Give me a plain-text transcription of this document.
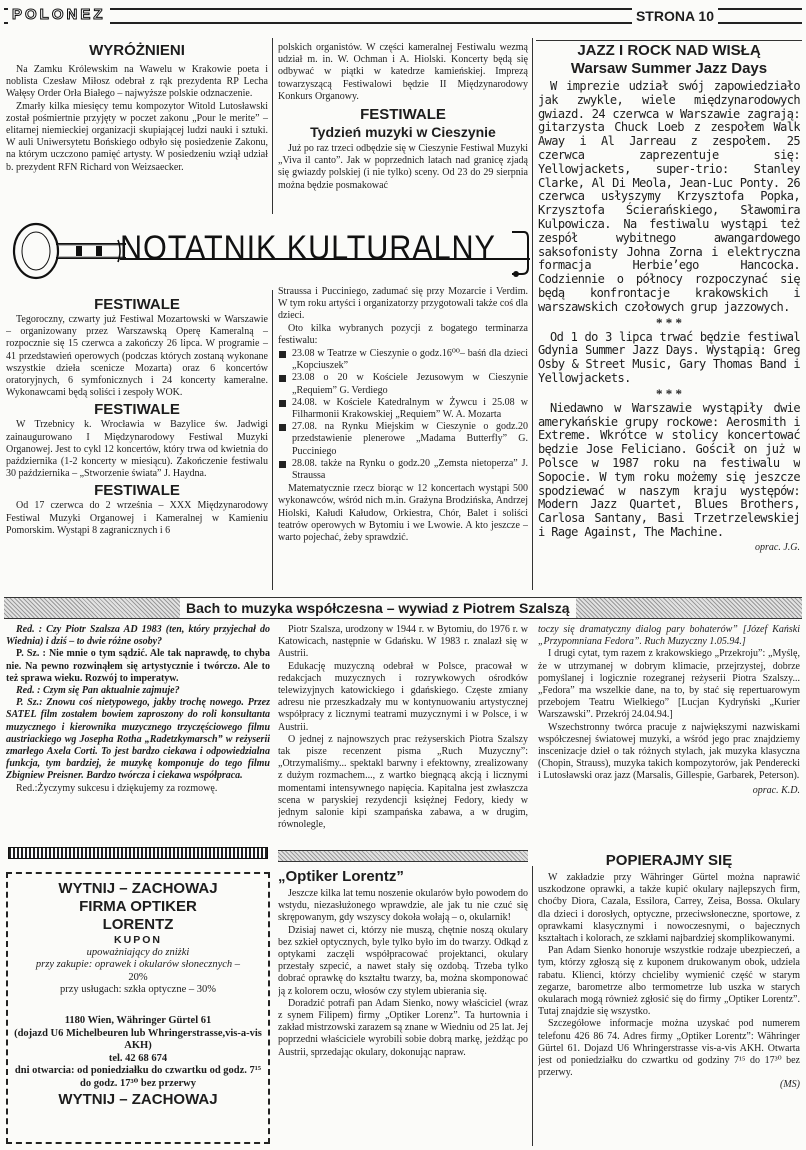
POLONEZ	STRONA 10
WYRÓŻNIENI
Na Zamku Królewskim na Wawelu w Krakowie poeta i noblista Czesław Miłosz odebrał z rąk prezydenta RP Lecha Wałęsy Order Orła Białego – najwyższe polskie odznaczenie.
Zmarły kilka miesięcy temu kompozytor Witold Lutosławski został pośmiertnie przyjęty w poczet zakonu „Pour le merite” – elitarnej niemieckiej organizacji skupiającej ludzi nauki i sztuki. W auli Uniwersytetu Bońskiego odbyło się posiedzenie Zakonu, na którym uczczono pamięć artysty. W posiedzeniu wziął udział b. prezydent RFN Richard von Weizsaecker.
polskich organistów. W części kameralnej Festiwalu wezmą udział m. in. W. Ochman i A. Hiolski. Koncerty będą się odbywać w piątki w katedrze kamieńskiej. Imprezą towarzyszącą Festiwalowi będzie II Międzynarodowy Konkurs Organowy.
FESTIWALE
Tydzień muzyki w Cieszynie
Już po raz trzeci odbędzie się w Cieszynie Festiwal Muzyki „Viva il canto”. Jak w poprzednich latach nad granicę zjadą się gwiazdy polskiej (i nie tylko) sceny. Od 23 do 29 sierpnia można będzie posmakować
NOTATNIK KULTURALNY
FESTIWALE
Tegoroczny, czwarty już Festiwal Mozartowski w Warszawie – organizowany przez Warszawską Operę Kameralną – rozpocznie się 15 czerwca a zakończy 26 lipca. W programie – 41 przedstawień operowych (podczas których zostaną wykonane wszystkie dzieła scenicze Mozarta) oraz 6 koncertów oratoryjnych, 6 symfonicznych i 24 koncerty kameralne. Wykonawcami będą soliści i zespoły WOK.
FESTIWALE
W Trzebnicy k. Wrocławia w Bazylice św. Jadwigi zainaugurowano I Międzynarodowy Festiwal Muzyki Organowej. Jest to cykl 12 koncertów, który trwa od kwietnia do października (1-2 koncerty w miesiącu). Zakończenie festiwalu 30 października – „Stworzenie świata” J. Haydna.
FESTIWALE
Od 17 czerwca do 2 września – XXX Międzynarodowy Festiwal Muzyki Organowej i Kameralnej w Kamieniu Pomorskim. Wystąpi 8 zagranicznych i 6
Straussa i Pucciniego, zadumać się przy Mozarcie i Verdim. W tym roku artyści i organizatorzy przygotowali także coś dla dzieci.
Oto kilka wybranych pozycji z bogatego terminarza festiwalu:
23.08 w Teatrze w Cieszynie o godz.16⁰⁰– baśń dla dzieci „Kopciuszek”
23.08 o 20 w Kościele Jezusowym w Cieszynie „Requiem” G. Verdiego
24.08. w Kościele Katedralnym w Żywcu i 25.08 w Filharmonii Krakowskiej „Requiem” W. A. Mozarta
27.08. na Rynku Miejskim w Cieszynie o godz.20 przedstawienie plenerowe „Madama Butterfly” G. Pucciniego
28.08. także na Rynku o godz.20 „Zemsta nietoperza” J. Straussa
Matematycznie rzecz biorąc w 12 koncertach wystąpi 500 wykonawców, wśród nich m.in. Grażyna Brodzińska, Andrzej Hiolski, Kałudi Kałudow, Orkiestra, Chór, Balet i soliści teatrów operowych w Bytomiu i we Lwowie. A kto jeszcze – warto pojechać, żeby sprawdzić.
JAZZ I ROCK NAD WISŁĄ
Warsaw Summer Jazz Days
W imprezie udział swój zapowiedziało jak zwykle, wiele międzynarodowych gwiazd. 24 czerwca w Warszawie zagrają: gitarzysta Chuck Loeb z zespołem Walk Away i Al Jarreau z zespołem. 25 czerwca zaprezentuje się: Yellowjackets, super-trio: Stanley Clarke, Al Di Meola, Jean-Luc Ponty. 26 czerwca usłyszymy Krzysztofa Popka, Krzysztofa Ścierańskiego, Sławomira Kulpowicza. Na festiwalu wystąpi też zespół wybitnego awangardowego saksofonisty Johna Zorna i elektryczna formacja Herbie’ego Hancocka. Codziennie o północy rozpoczynać się będą konfrontacje krakowskich i warszawskich czołowych grup jazzowych.
* * *
Od 1 do 3 lipca trwać będzie festiwal Gdynia Summer Jazz Days. Wystąpią: Greg Osby & Street Music, Gary Thomas Band i Yellowjackets.
* * *
Niedawno w Warszawie wystąpiły dwie amerykańskie grupy rockowe: Aerosmith i Extreme. Wkrótce w stolicy koncertować będzie Jose Feliciano. Gościł on już w Polsce w 1987 roku na festiwalu w Sopocie. W tym roku możemy się jeszcze spodziewać w naszym kraju występów: Modern Jazz Quartet, Blues Brothers, Carlosa Santany, Basi Trzetrzelewskiej i Rage Against, The Machine.
oprac. J.G.
Bach to muzyka współczesna – wywiad z Piotrem Szalszą
Red. : Czy Piotr Szalsza AD 1983 (ten, który przyjechał do Wiednia) i dziś – to dwie różne osoby?
P. Sz. : Nie mnie o tym sądzić. Ale tak naprawdę, to chyba nie. Na pewno rozwinąłem się artystycznie i twórczo. Ale to też sprawa wieku. Rozwój to imperatyw.
Red. : Czym się Pan aktualnie zajmuje?
P. Sz.: Znowu coś nietypowego, jakby trochę nowego. Przez SATEL film zostałem bowiem zaproszony do roli konsultanta muzycznego i kierownika muzycznego trzyczęściowego filmu austriackiego wg Josepha Rotha „Radetzkymarsch” w reżyserii zmarłego Axela Corti. To jest bardzo ciekawa i odpowiedzialna funkcja, tym bardziej, że muzykę komponuje do tego filmu Zbigniew Preisner. Bardzo twórcza i ciekawa współpraca.
Red.:Życzymy sukcesu i dziękujemy za rozmowę.
Piotr Szalsza, urodzony w 1944 r. w Bytomiu, do 1976 r. w Katowicach, następnie w Gdańsku. W 1983 r. znalazł się w Austrii.
Edukację muzyczną odebrał w Polsce, pracował w redakcjach muzycznych i rozrywkowych ośrodków telewizyjnych katowickiego i gdańskiego. Częste zmiany adresu nie przeszkadzały mu w kontynuowaniu artystycznej współpracy z licznymi teatrami muzycznymi i w Polsce, i w Austrii.
O jednej z najnowszych prac reżyserskich Piotra Szalszy tak pisze recenzent pisma „Ruch Muzyczny”: „Otrzymaliśmy... spektakl barwny i efektowny, zrealizowany z dużym rozmachem..., z wartko biegnącą akcją i licznymi momentami intensywnego napięcia. Kapitalna jest zwłaszcza scena w paryskiej rezydencji księżnej Fedory, kiedy w jednym salonie kipi szampańska zabawa, a w drugim, równolegle,
toczy się dramatyczny dialog pary bohaterów” [Józef Kański „Przypomniana Fedora”. Ruch Muzyczny 1.05.94.]
I drugi cytat, tym razem z krakowskiego „Przekroju”: „Myślę, że w utrzymanej w dobrym klimacie, przejrzystej, dobrze pomyślanej i logicznie rozegranej reżyserii Piotra Szalszy... „Fedora” ma wszelkie dane, na to, by stać się repertuarowym przebojem Teatru Wielkiego” [Lucjan Kydryński „Kurier Warszawski”. Przekrój 24.04.94.]
Wszechstronny twórca pracuje z największymi nazwiskami współczesnej światowej muzyki, a wśród jego prac znajdziemy inscenizacje dzieł o tak różnych stylach, jak muzyka klasyczna (Chopin, Strauss), muzyka takich kompozytorów, jak Penderecki i Lutosławski oraz jazz (Marsalis, Gillespie, Garbarek, Peterson).
oprac. K.D.
WYTNIJ – ZACHOWAJ
FIRMA OPTIKER
LORENTZ
KUPON
upoważniający do zniżki
przy zakupie: oprawek i okularów słonecznych –
20%
przy usługach: szkła optyczne – 30%
1180 Wien, Währinger Gürtel 61
(dojazd U6 Michelbeuren lub Whringerstrasse,vis-a-vis AKH)
tel. 42 68 674
dni otwarcia: od poniedziałku do czwartku od godz. 7¹⁵ do godz. 17³⁰ bez przerwy
WYTNIJ – ZACHOWAJ
„Optiker Lorentz”
Jeszcze kilka lat temu noszenie okularów było powodem do wstydu, niezasłużonego wprawdzie, ale jak tu nie czuć się skrępowanym, gdy wszyscy dokoła wołają – o, okularnik!
Dzisiaj nawet ci, którzy nie muszą, chętnie noszą okulary bez szkieł optycznych, byle tylko było im do twarzy. Odkąd z optykami zaczęli współpracować projektanci, okulary przestały szpecić, a nawet stały się ozdobą. Trzeba tylko dobrać oprawkę do kształtu twarzy, ba, można skomponować ją z kolorem oczu, włosów czy stylem ubierania się.
Doradzić potrafi pan Adam Sienko, nowy właściciel (wraz z synem Filipem) firmy „Optiker Lorenz”. Ta hurtownia i zakład mistrzowski zarazem są znane w Wiedniu od 25 lat. Jej poprzedni właściciele wyrobili sobie dobrą markę, jeżdżąc po Austrii, sprzedając okulary, dokonując napraw.
POPIERAJMY SIĘ
W zakładzie przy Währinger Gürtel można naprawić uszkodzone oprawki, a także kupić okulary najlepszych firm, choćby Diora, Cazala, Essilora, Carrey, Zeisa, Bossa. Okulary dla dzieci i dorosłych, optyczne, przeciwsłoneczne, sportowe, z oprawkami klasycznymi i nowoczesnymi, o bajecznych kształtach i kolorach, ze szkłami najbardziej skomplikowanymi.
Pan Adam Sienko honoruje wszystkie rodzaje ubezpieczeń, a tym, którzy zgłoszą się z kuponem drukowanym obok, udziela rabatu. Klienci, którzy chcieliby wymienić część w starym zegarze, barometrze albo termometrze lub uszka w starych okularach mogą również zgłosić się do firmy „Optiker Lorentz”. Tutaj znajdzie się wszystko.
Szczegółowe informacje można uzyskać pod numerem telefonu 426 86 74. Adres firmy „Optiker Lorentz”: Währinger Gürtel 61. Dojazd U6 Whringerstrasse vis-a-vis AKH. Otwarta jest od poniedziałku do czwartku od godziny 7¹⁵ do 17³⁰ bez przerwy.
(MS)
